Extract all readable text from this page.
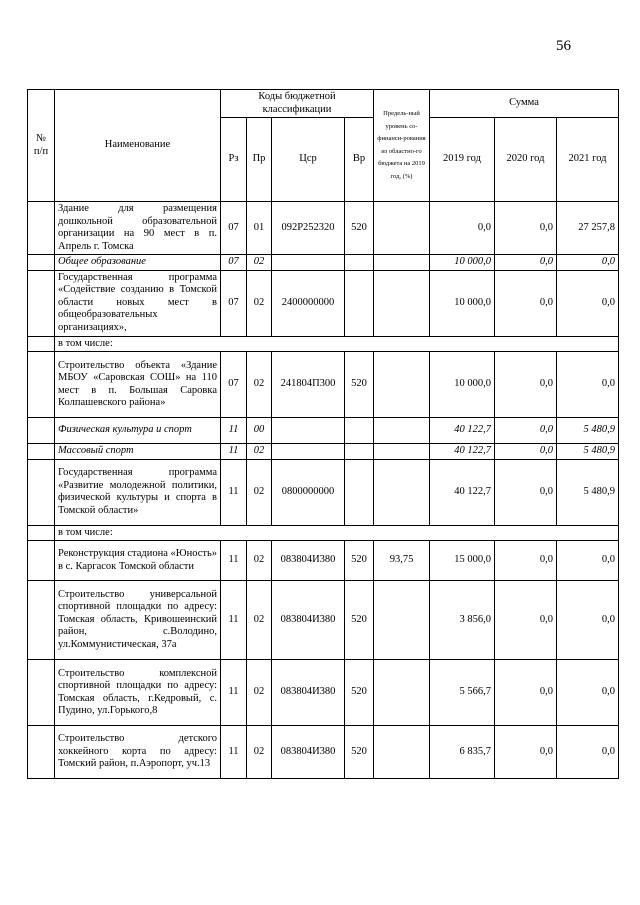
56
№ п/п	Наименование	Коды бюджетной классификации				Предель-ный уровень со-финанси-рования из областно-го бюджета на 2019 год, (%)	Сумма		
		Рз	Пр	Цср	Вр		2019 год	2020 год	2021 год
	Здание для размещения дошкольной образовательной организации на 90 мест в п. Апрель г. Томска	07	01	092P252320	520		0,0	0,0	27 257,8
	Общее образование	07	02				10 000,0	0,0	0,0
	Государственная программа «Содействие созданию в Томской области новых мест в общеобразовательных организациях»,	07	02	2400000000			10 000,0	0,0	0,0
	в том числе:								
	Строительство объекта «Здание МБОУ «Саровская СОШ» на 110 мест в п. Большая Саровка Колпашевского района»	07	02	241804П300	520		10 000,0	0,0	0,0
	Физическая культура и спорт	11	00				40 122,7	0,0	5 480,9
	Массовый спорт	11	02				40 122,7	0,0	5 480,9
	Государственная программа «Развитие молодежной политики, физической культуры и спорта в Томской области»	11	02	0800000000			40 122,7	0,0	5 480,9
	в том числе:								
	Реконструкция стадиона «Юность» в с. Каргасок Томской области	11	02	083804И380	520	93,75	15 000,0	0,0	0,0
	Строительство универсальной спортивной площадки по адресу: Томская область, Кривошеинский район, с.Володино, ул.Коммунистическая, 37а	11	02	083804И380	520		3 856,0	0,0	0,0
	Строительство комплексной спортивной площадки по адресу: Томская область, г.Кедровый, с. Пудино, ул.Горького,8	11	02	083804И380	520		5 566,7	0,0	0,0
	Строительство детского хоккейного корта по адресу: Томский район, п.Аэропорт, уч.13	11	02	083804И380	520		6 835,7	0,0	0,0
